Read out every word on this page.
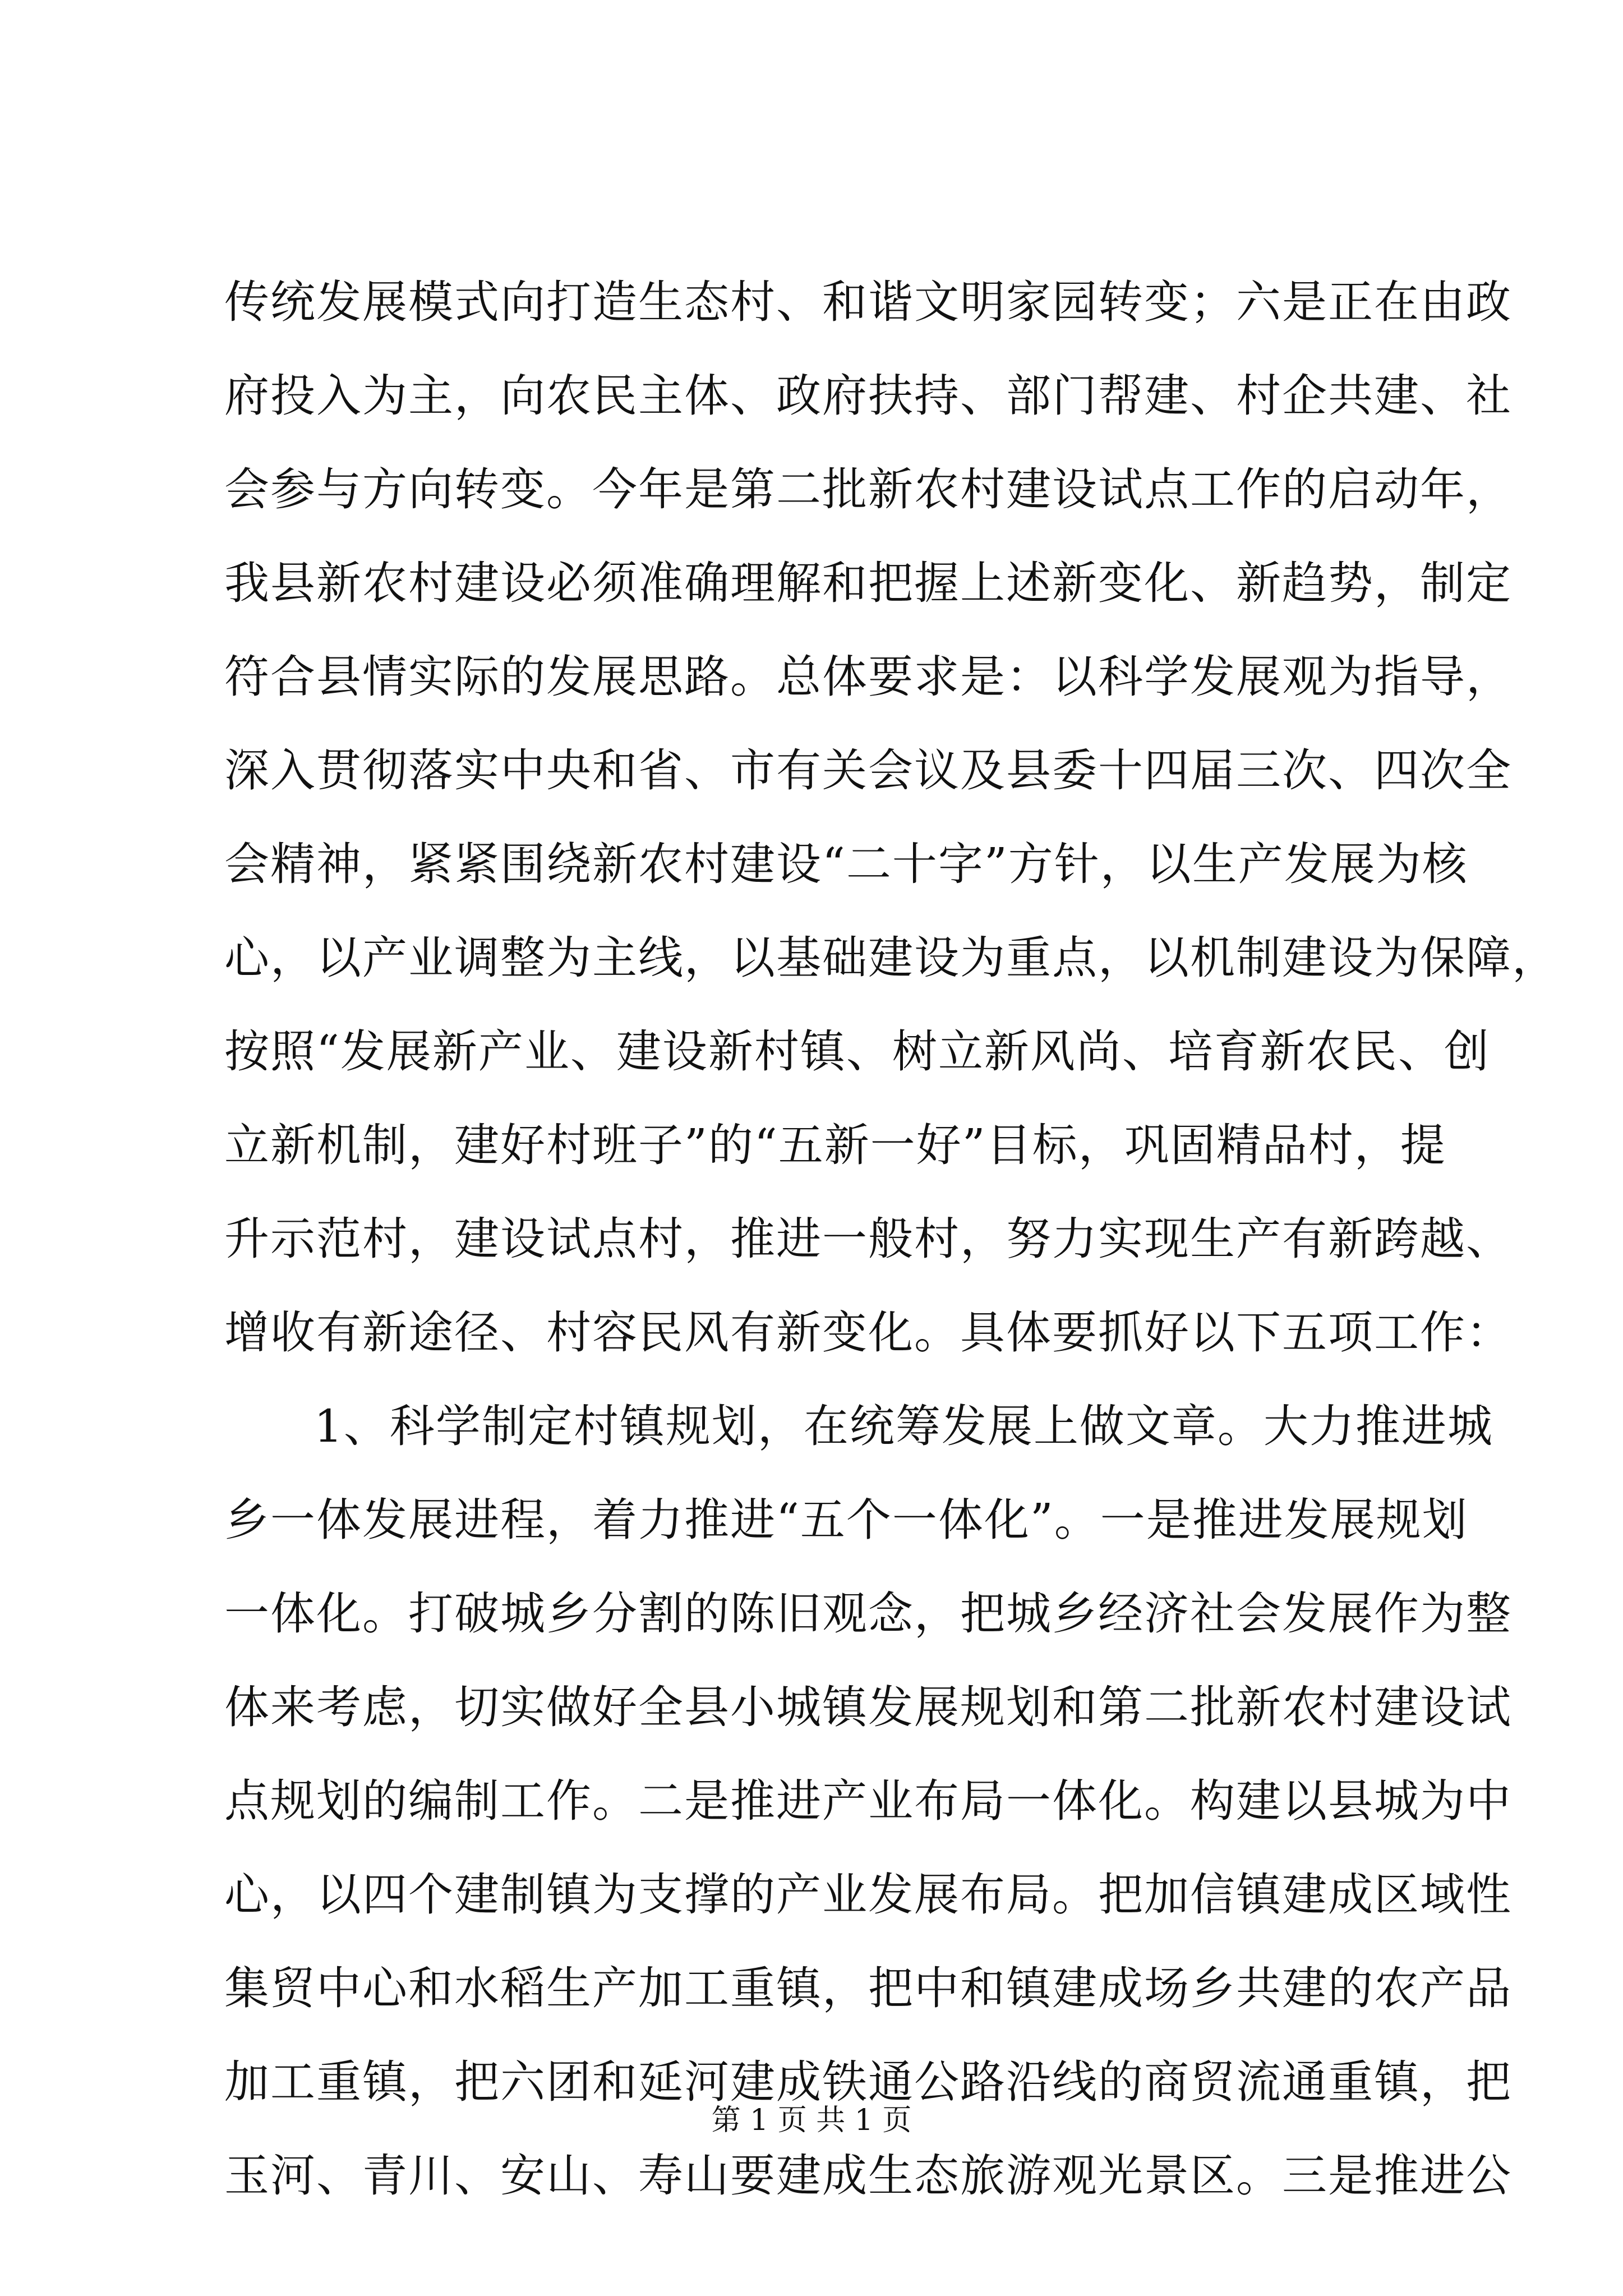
传统发展模式向打造生态村、和谐文明家园转变；六是正在由政
府投入为主，向农民主体、政府扶持、部门帮建、村企共建、社
会参与方向转变。今年是第二批新农村建设试点工作的启动年，
我县新农村建设必须准确理解和把握上述新变化、新趋势，制定
符合县情实际的发展思路。总体要求是：以科学发展观为指导，
深入贯彻落实中央和省、市有关会议及县委十四届三次、四次全
会精神，紧紧围绕新农村建设“二十字”方针，以生产发展为核
心，以产业调整为主线，以基础建设为重点，以机制建设为保障，
按照“发展新产业、建设新村镇、树立新风尚、培育新农民、创
立新机制，建好村班子”的“五新一好”目标，巩固精品村，提
升示范村，建设试点村，推进一般村，努力实现生产有新跨越、
增收有新途径、村容民风有新变化。具体要抓好以下五项工作：
1、科学制定村镇规划，在统筹发展上做文章。大力推进城
乡一体发展进程，着力推进“五个一体化”。一是推进发展规划
一体化。打破城乡分割的陈旧观念，把城乡经济社会发展作为整
体来考虑，切实做好全县小城镇发展规划和第二批新农村建设试
点规划的编制工作。二是推进产业布局一体化。构建以县城为中
心，以四个建制镇为支撑的产业发展布局。把加信镇建成区域性
集贸中心和水稻生产加工重镇，把中和镇建成场乡共建的农产品
加工重镇，把六团和延河建成铁通公路沿线的商贸流通重镇，把
玉河、青川、安山、寿山要建成生态旅游观光景区。三是推进公
第 1 页 共 1 页
